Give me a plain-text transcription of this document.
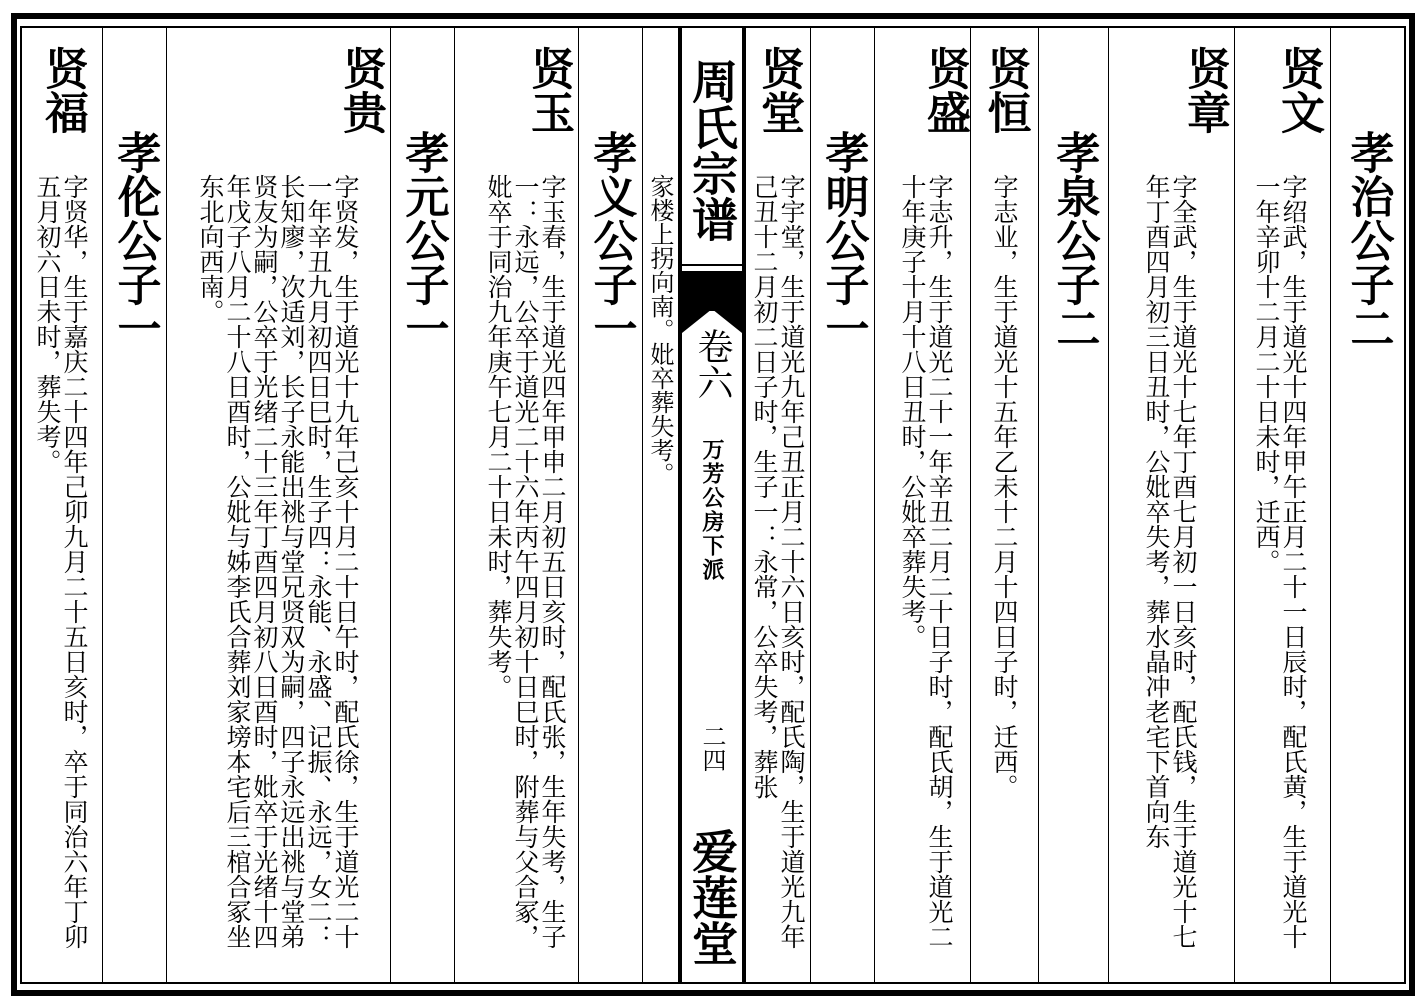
贤福
字贤华，生于嘉庆二十四年己卯九月二十五日亥时，卒于同治六年丁卯五月初六日未时，葬失考。	孝伦公子一
贤贵
字贤发，生于道光十九年己亥十月二十日午时，配氏徐，生于道光二十一年辛丑九月初四日巳时，生子四：永能、永盛、记振、永远，女二：长知廖，次适刘，长子永能出祧与堂兄贤双为嗣，四子永远出祧与堂弟贤友为嗣，公卒于光绪二十三年丁酉四月初八日酉时，妣卒于光绪十四年戊子八月二十八日酉时，公妣与姊李氏合葬刘家塝本宅后三棺合冢坐东北向西南。	孝元公子一
贤玉
字玉春，生于道光四年甲申二月初五日亥时，配氏张，生年失考，生子一：永远，公卒于道光二十六年丙午四月初十日巳时，附葬与父合冢，妣卒于同治九年庚午七月二十日未时，葬失考。	孝义公子一 家楼上拐向南。妣卒葬失考。
周氏宗谱
卷六
万芳公房下派
二四
爱莲堂
贤堂
字宇堂，生于道光九年己丑正月二十六日亥时，配氏陶，生于道光九年己丑十二月初二日子时，生子一：永常，公卒失考，葬张 孝明公子一
贤盛
字志升，生于道光二十一年辛丑二月二十日子时，配氏胡，生于道光二十年庚子十月十八日丑时，公妣卒葬失考。
贤恒
字志业，生于道光十五年乙未十二月十四日子时，迁西。 孝泉公子二
贤章
字全武，生于道光十七年丁酉七月初一日亥时，配氏钱，生于道光十七年丁酉四月初三日丑时，公妣卒失考，葬水晶冲老宅下首向东
贤文
字绍武，生于道光十四年甲午正月二十一日辰时，配氏黄，生于道光十一年辛卯十二月二十日未时，迁西。	孝治公子二
